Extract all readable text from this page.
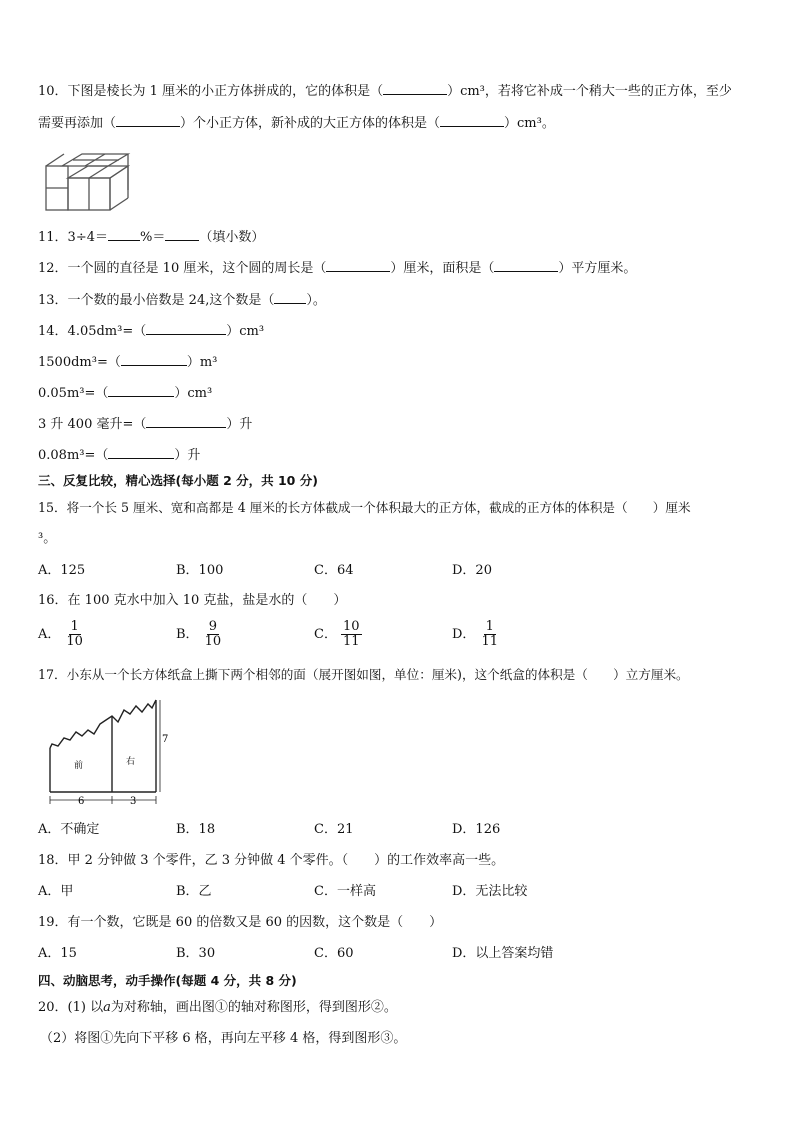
10．下图是棱长为 1 厘米的小正方体拼成的，它的体积是（	）cm³，若将它补成一个稍大一些的正方体，至少
需要再添加（	）个小正方体，新补成的大正方体的体积是（	）cm³。
11．3÷4＝ %＝	（填小数）
12．一个圆的直径是 10 厘米，这个圆的周长是（	）厘米，面积是（	）平方厘米。
13．一个数的最小倍数是 24,这个数是（ ）。
14．4.05dm³=（	）cm³
1500dm³=（	）m³
0.05m³=（	）cm³
3 升 400 毫升=（	）升
0.08m³=（	）升
三、反复比较，精心选择(每小题 2 分，共 10 分)
15．将一个长 5 厘米、宽和高都是 4 厘米的长方体截成一个体积最大的正方体，截成的正方体的体积是（　　）厘米
³。
A．125	B．100	C．64	D．20
16．在 100 克水中加入 10 克盐，盐是水的（　　）
A． $\frac{1}{10}$	B． $\frac{9}{10}$	C． $\frac{10}{11}$	D． $\frac{1}{11}$
17．小东从一个长方体纸盒上撕下两个相邻的面（展开图如图，单位：厘米)，这个纸盒的体积是（　　）立方厘米。
前	右
7
6	3
A．不确定	B．18	C．21	D．126
18．甲 2 分钟做 3 个零件，乙 3 分钟做 4 个零件。（　　）的工作效率高一些。
A．甲	B．乙	C．一样高	D．无法比较
19．有一个数，它既是 60 的倍数又是 60 的因数，这个数是（　　）
A．15	B．30	C．60	D．以上答案均错
四、动脑思考，动手操作(每题 4 分，共 8 分)
20．(1) 以a为对称轴，画出图①的轴对称图形，得到图形②。
（2）将图①先向下平移 6 格，再向左平移 4 格，得到图形③。
